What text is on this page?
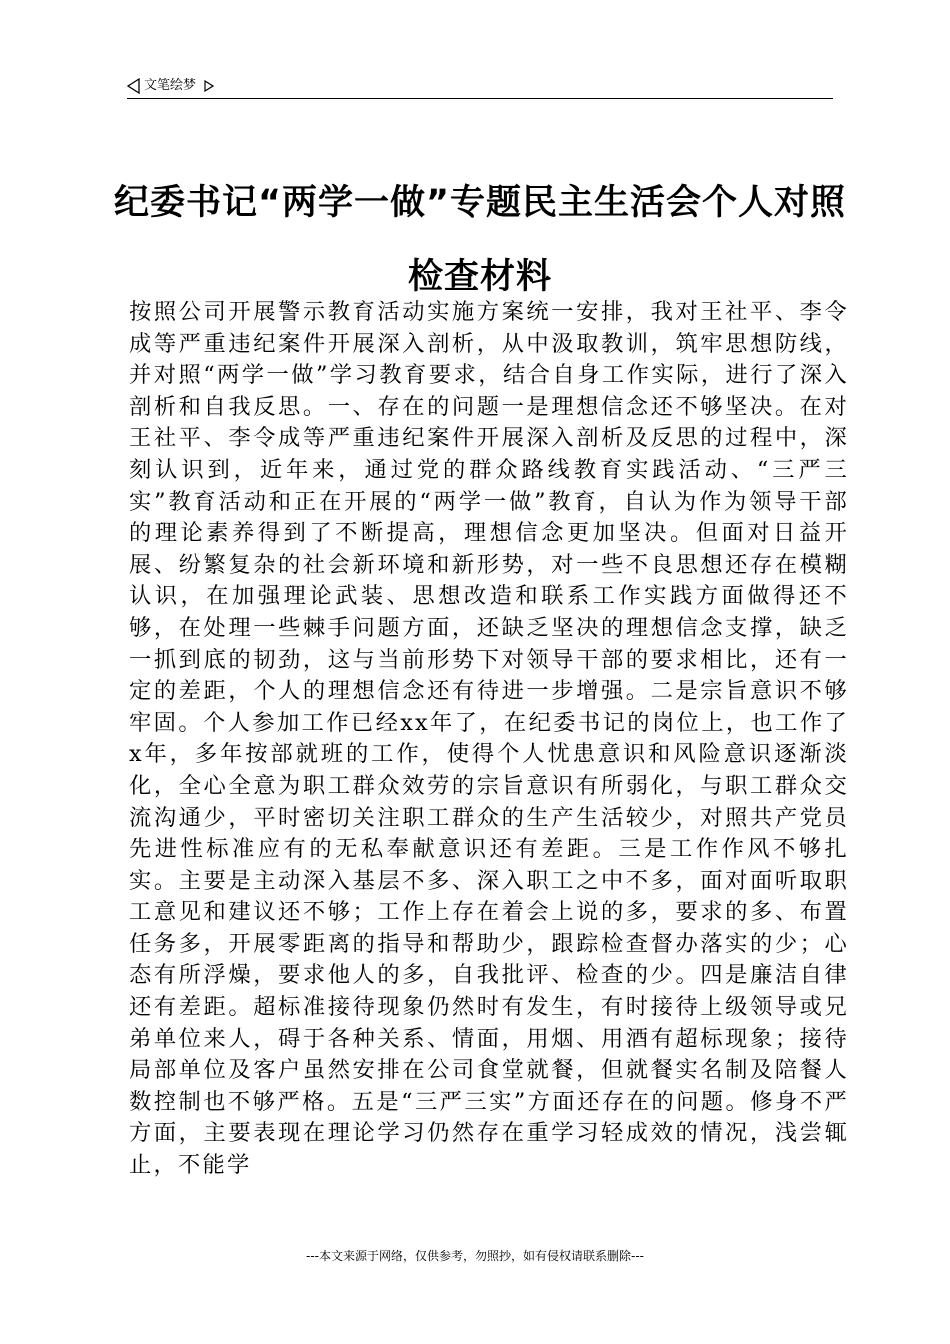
文笔绘梦
纪委书记“两学一做”专题民主生活会个人对照检查材料

按照公司开展警示教育活动实施方案统一安排，我对王社平、李令成等严重违纪案件开展深入剖析，从中汲取教训，筑牢思想防线，并对照“两学一做”学习教育要求，结合自身工作实际，进行了深入剖析和自我反思。一、存在的问题一是理想信念还不够坚决。在对王社平、李令成等严重违纪案件开展深入剖析及反思的过程中，深刻认识到，近年来，通过党的群众路线教育实践活动、“三严三实”教育活动和正在开展的“两学一做”教育，自认为作为领导干部的理论素养得到了不断提高，理想信念更加坚决。但面对日益开展、纷繁复杂的社会新环境和新形势，对一些不良思想还存在模糊认识，在加强理论武装、思想改造和联系工作实践方面做得还不够，在处理一些棘手问题方面，还缺乏坚决的理想信念支撑，缺乏一抓到底的韧劲，这与当前形势下对领导干部的要求相比，还有一定的差距，个人的理想信念还有待进一步增强。二是宗旨意识不够牢固。个人参加工作已经xx年了，在纪委书记的岗位上，也工作了x年，多年按部就班的工作，使得个人忧患意识和风险意识逐渐淡化，全心全意为职工群众效劳的宗旨意识有所弱化，与职工群众交流沟通少，平时密切关注职工群众的生产生活较少，对照共产党员先进性标准应有的无私奉献意识还有差距。三是工作作风不够扎实。主要是主动深入基层不多、深入职工之中不多，面对面听取职工意见和建议还不够；工作上存在着会上说的多，要求的多、布置任务多，开展零距离的指导和帮助少，跟踪检查督办落实的少；心态有所浮燥，要求他人的多，自我批评、检查的少。四是廉洁自律还有差距。超标准接待现象仍然时有发生，有时接待上级领导或兄弟单位来人，碍于各种关系、情面，用烟、用酒有超标现象；接待局部单位及客户虽然安排在公司食堂就餐，但就餐实名制及陪餐人数控制也不够严格。五是“三严三实”方面还存在的问题。修身不严方面，主要表现在理论学习仍然存在重学习轻成效的情况，浅尝辄止，不能学

---本文来源于网络，仅供参考，勿照抄，如有侵权请联系删除---
